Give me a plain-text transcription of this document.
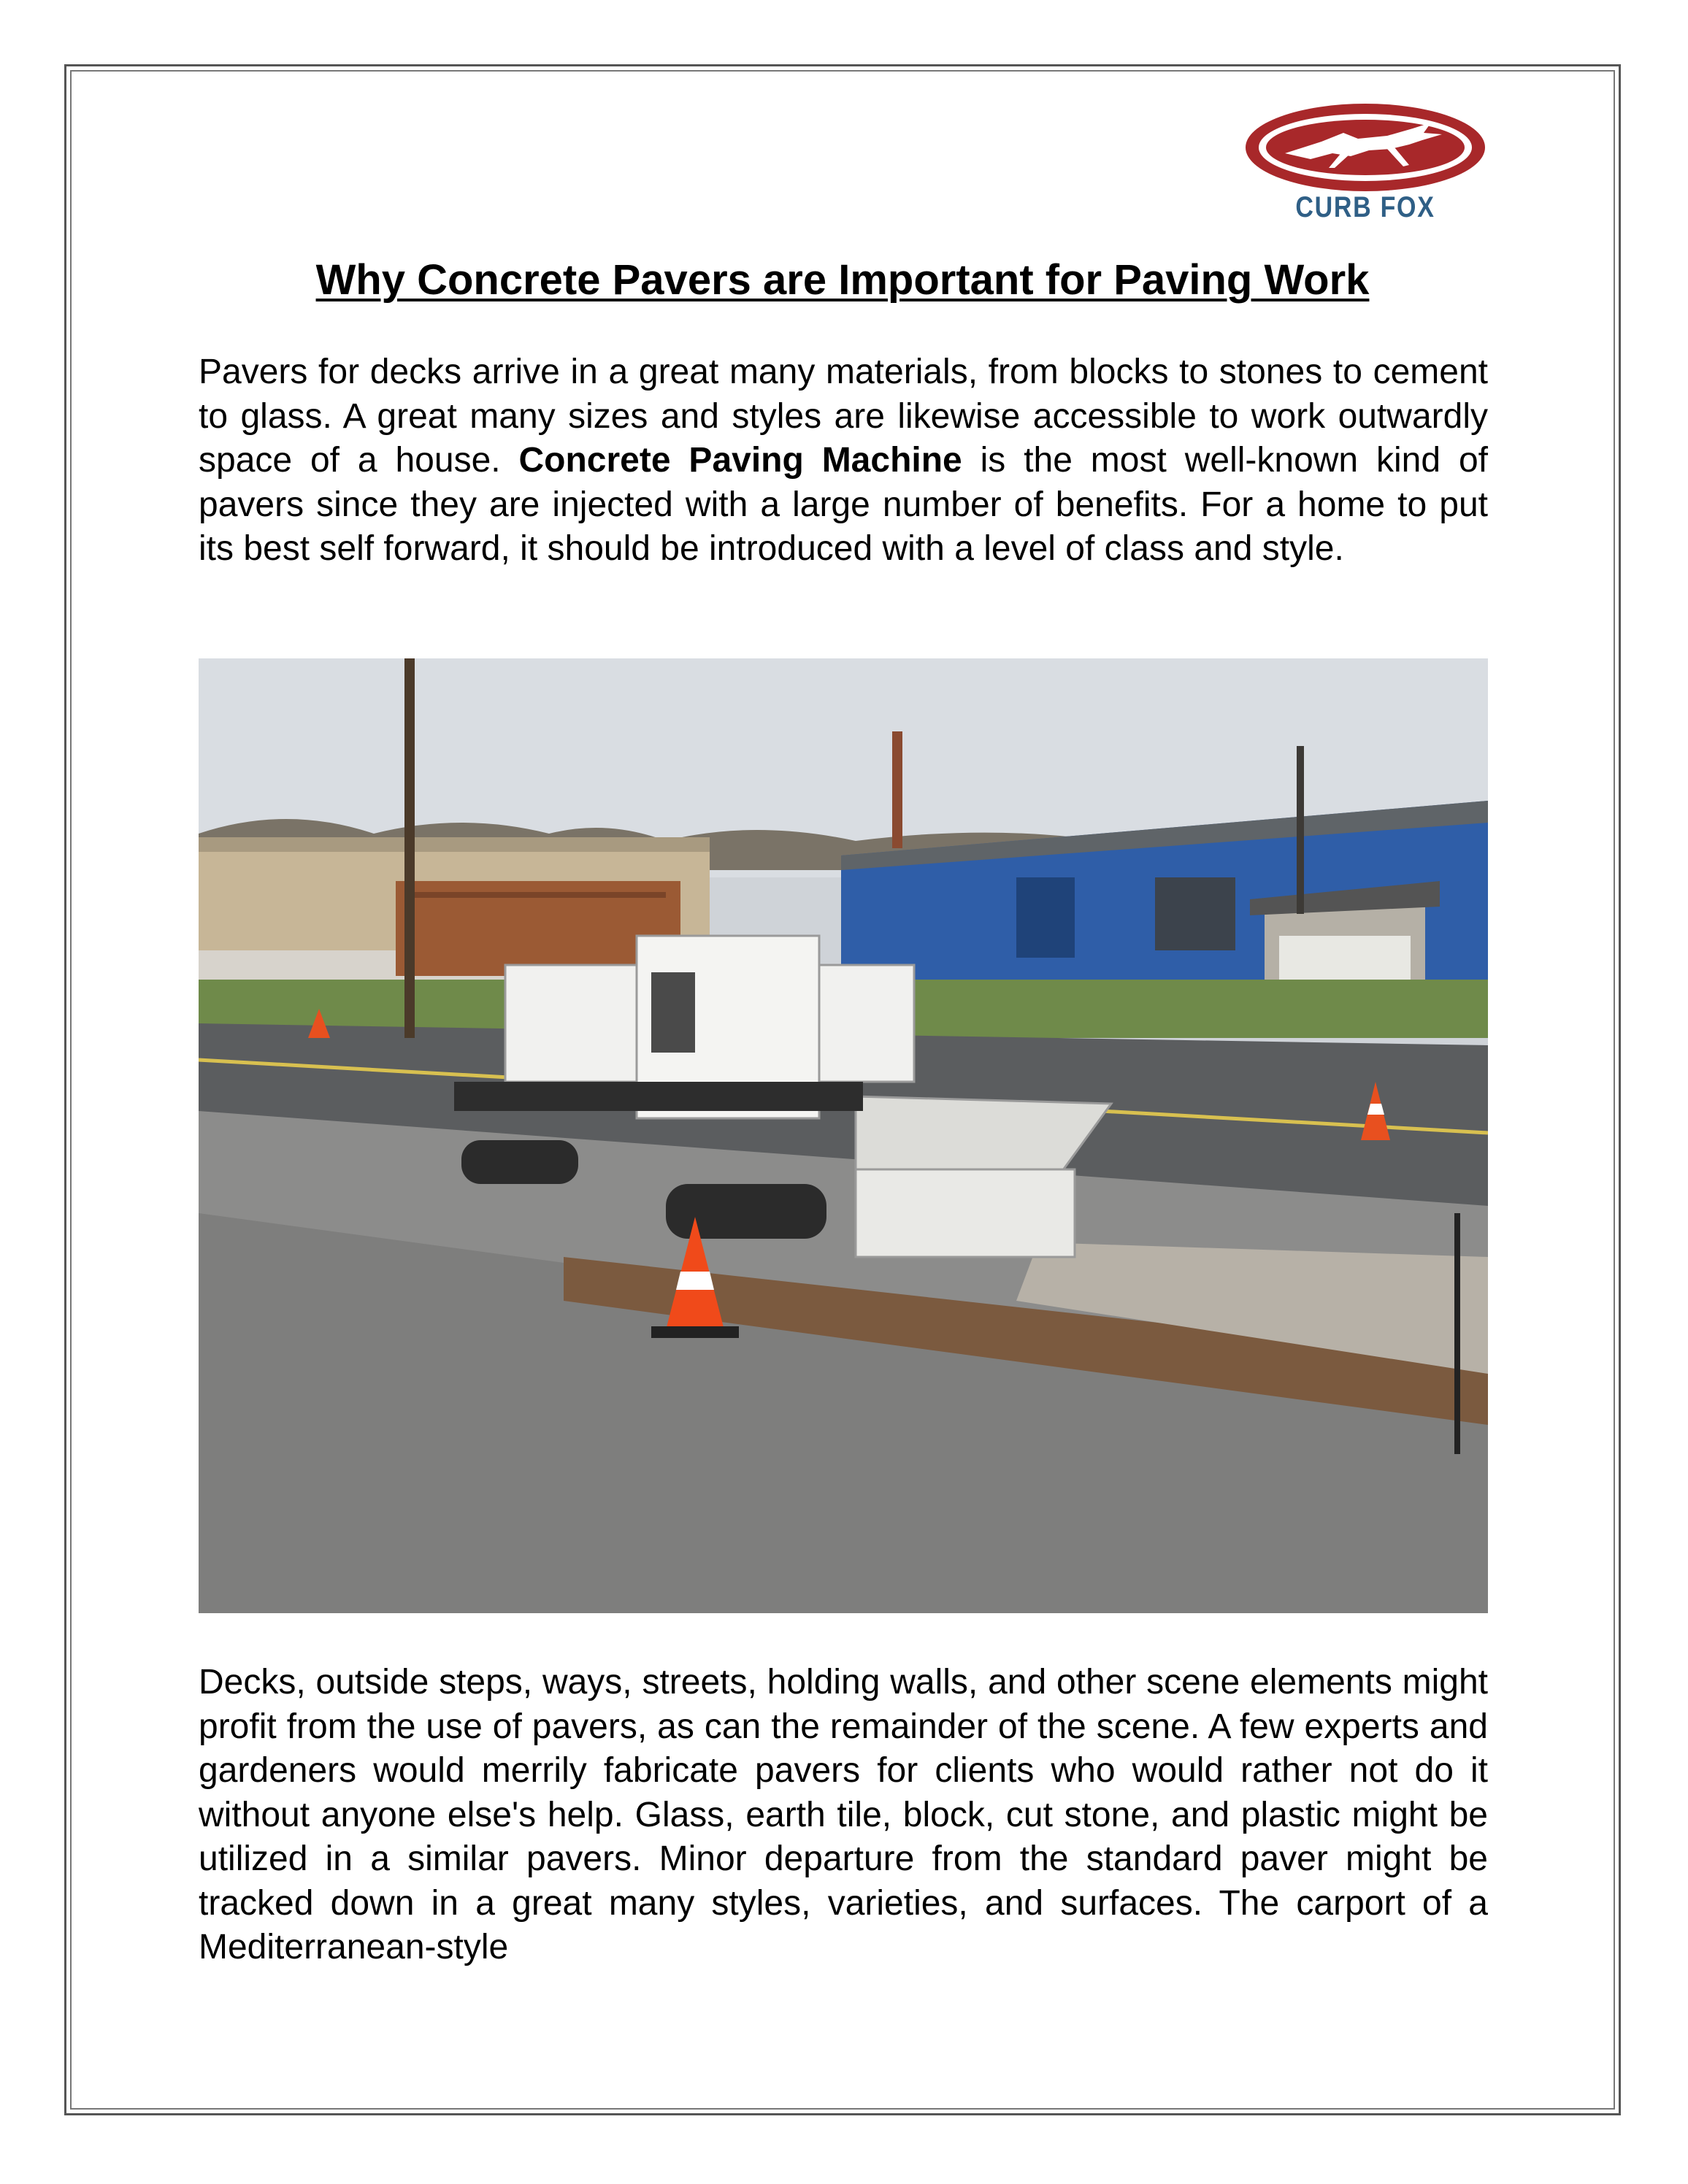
CURB FOX
Why Concrete Pavers are Important for Paving Work

Pavers for decks arrive in a great many materials, from blocks to stones to cement to glass. A great many sizes and styles are likewise accessible to work outwardly space of a house. Concrete Paving Machine is the most well-known kind of pavers since they are injected with a large number of benefits. For a home to put its best self forward, it should be introduced with a level of class and style.

Decks, outside steps, ways, streets, holding walls, and other scene elements might profit from the use of pavers, as can the remainder of the scene. A few experts and gardeners would merrily fabricate pavers for clients who would rather not do it without anyone else's help. Glass, earth tile, block, cut stone, and plastic might be utilized in a similar pavers. Minor departure from the standard paver might be tracked down in a great many styles, varieties, and surfaces. The carport of a Mediterranean-style
